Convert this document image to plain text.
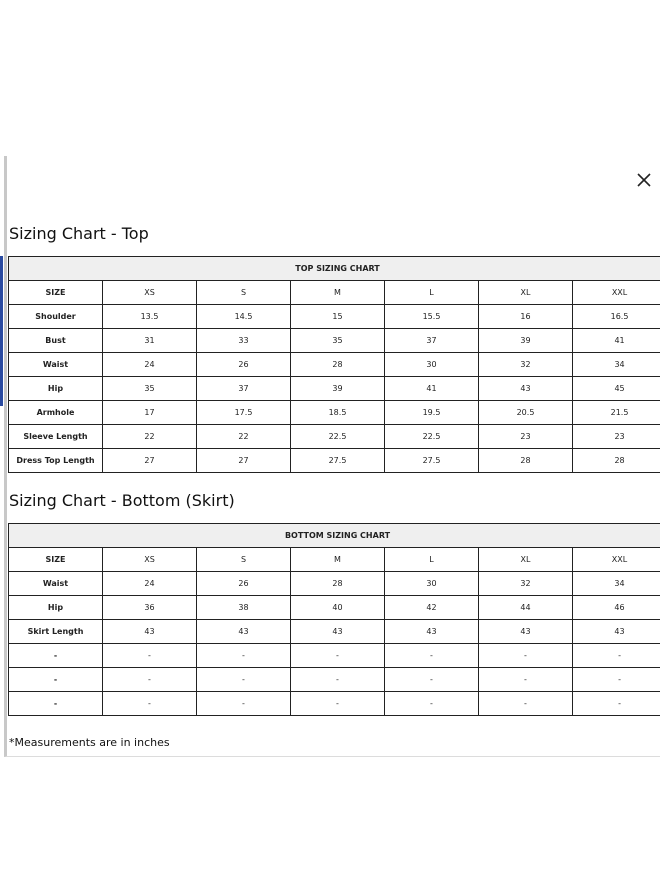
Sizing Chart - Top
TOP SIZING CHART						
SIZE	XS	S	M	L	XL	XXL
Shoulder	13.5	14.5	15	15.5	16	16.5
Bust	31	33	35	37	39	41
Waist	24	26	28	30	32	34
Hip	35	37	39	41	43	45
Armhole	17	17.5	18.5	19.5	20.5	21.5
Sleeve Length	22	22	22.5	22.5	23	23
Dress Top Length	27	27	27.5	27.5	28	28
Sizing Chart - Bottom (Skirt)
BOTTOM SIZING CHART						
SIZE	XS	S	M	L	XL	XXL
Waist	24	26	28	30	32	34
Hip	36	38	40	42	44	46
Skirt Length	43	43	43	43	43	43
-	-	-	-	-	-	-
-	-	-	-	-	-	-
-	-	-	-	-	-	-

*Measurements are in inches
